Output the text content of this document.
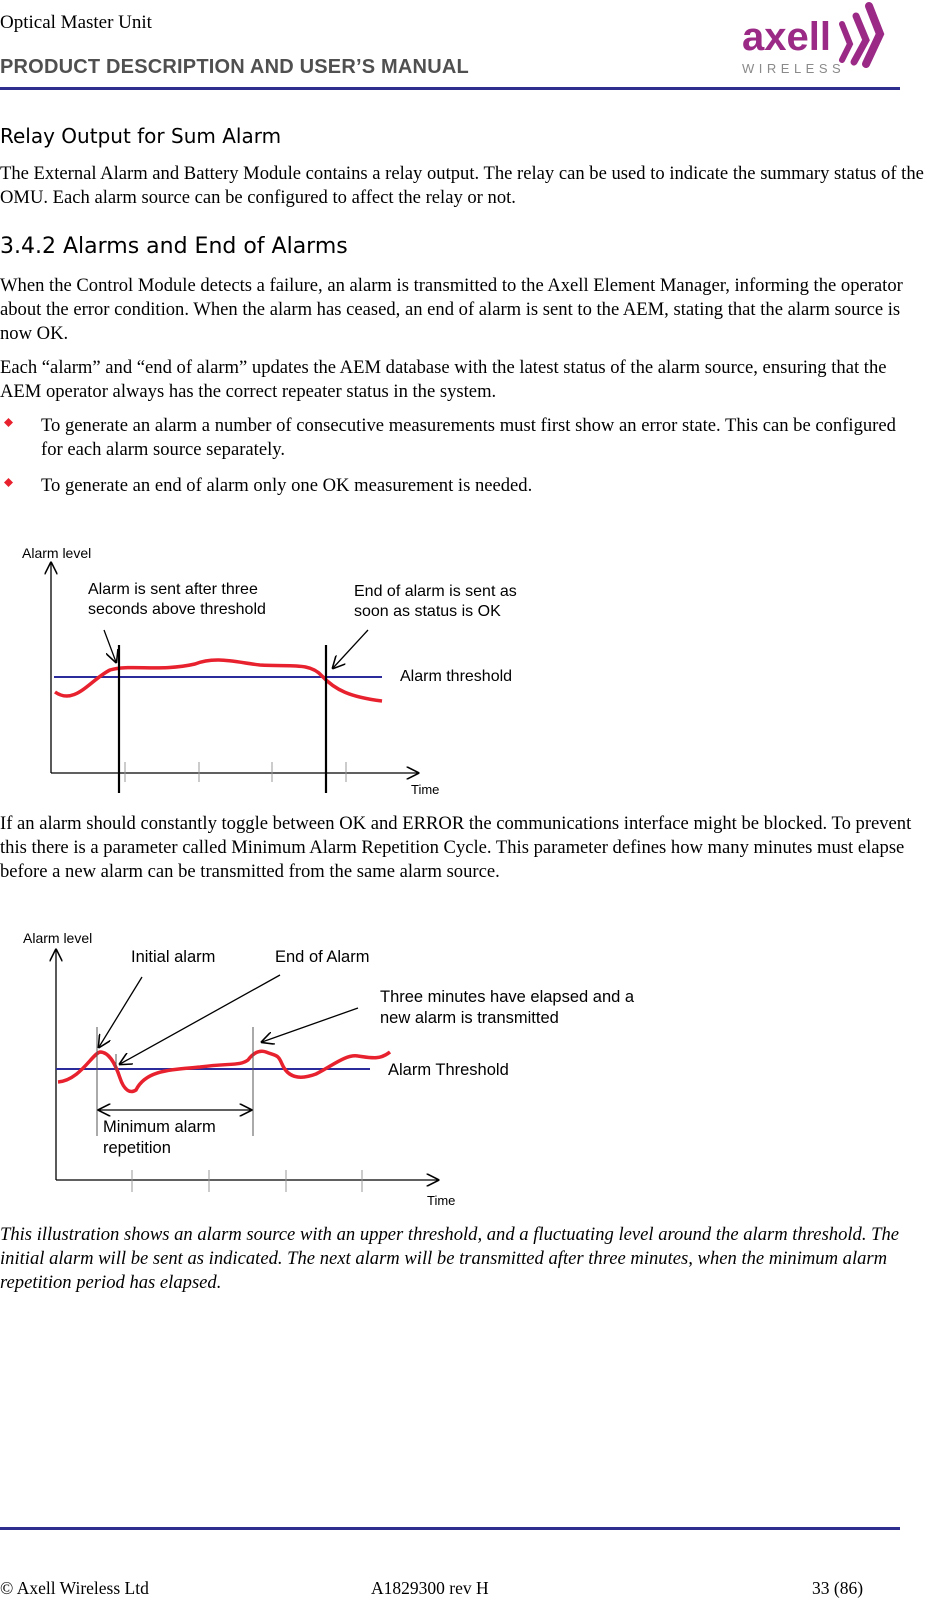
Optical Master Unit
PRODUCT DESCRIPTION AND USER’S MANUAL
axell
WIRELESS
Relay Output for Sum Alarm

The External Alarm and Battery Module contains a relay output. The relay can be used to indicate the summary status of the OMU. Each alarm source can be configured to affect the relay or not.

3.4.2 Alarms and End of Alarms

When the Control Module detects a failure, an alarm is transmitted to the Axell Element Manager, informing the operator about the error condition. When the alarm has ceased, an end of alarm is sent to the AEM, stating that the alarm source is now OK.

Each “alarm” and “end of alarm” updates the AEM database with the latest status of the alarm source, ensuring that the AEM operator always has the correct repeater status in the system.

To generate an alarm a number of consecutive measurements must first show an error state. This can be configured for each alarm source separately.
To generate an end of alarm only one OK measurement is needed.
Alarm level
Time
Alarm is sent after three
seconds above threshold
End of alarm is sent as
soon as status is OK
Alarm threshold

If an alarm should constantly toggle between OK and ERROR the communications interface might be blocked. To prevent this there is a parameter called Minimum Alarm Repetition Cycle. This parameter defines how many minutes must elapse before a new alarm can be transmitted from the same alarm source.

Alarm level
Time
Initial alarm	End of Alarm
Three minutes have elapsed and a
new alarm is transmitted
Alarm Threshold
Minimum alarm
repetition

This illustration shows an alarm source with an upper threshold, and a fluctuating level around the alarm threshold. The initial alarm will be sent as indicated. The next alarm will be transmitted after three minutes, when the minimum alarm repetition period has elapsed.

© Axell Wireless Ltd	A1829300 rev H	33 (86)
